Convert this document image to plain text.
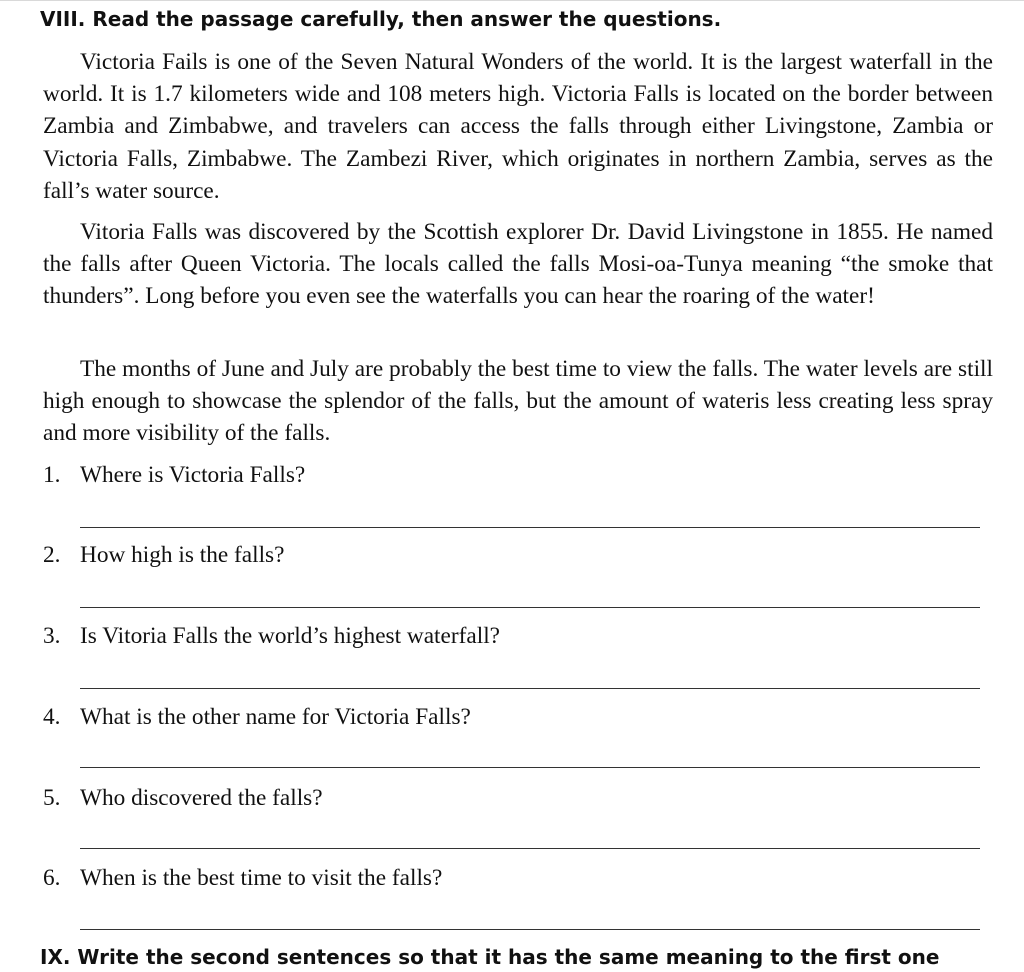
VIII. Read the passage carefully, then answer the questions.

Victoria Fails is one of the Seven Natural Wonders of the world. It is the largest waterfall in the world. It is 1.7 kilometers wide and 108 meters high. Victoria Falls is located on the border between Zambia and Zimbabwe, and travelers can access the falls through either Livingstone, Zambia or Victoria Falls, Zimbabwe. The Zambezi River, which originates in northern Zambia, serves as the fall’s water source.

Vitoria Falls was discovered by the Scottish explorer Dr. David Livingstone in 1855. He named the falls after Queen Victoria. The locals called the falls Mosi-oa-Tunya meaning “the smoke that thunders”. Long before you even see the waterfalls you can hear the roaring of the water!

The months of June and July are probably the best time to view the falls. The water levels are still high enough to showcase the splendor of the falls, but the amount of wateris less creating less spray and more visibility of the falls.

1. Where is Victoria Falls?
2. How high is the falls?
3. Is Vitoria Falls the world’s highest waterfall?
4. What is the other name for Victoria Falls?
5. Who discovered the falls?
6. When is the best time to visit the falls?
IX. Write the second sentences so that it has the same meaning to the first one
